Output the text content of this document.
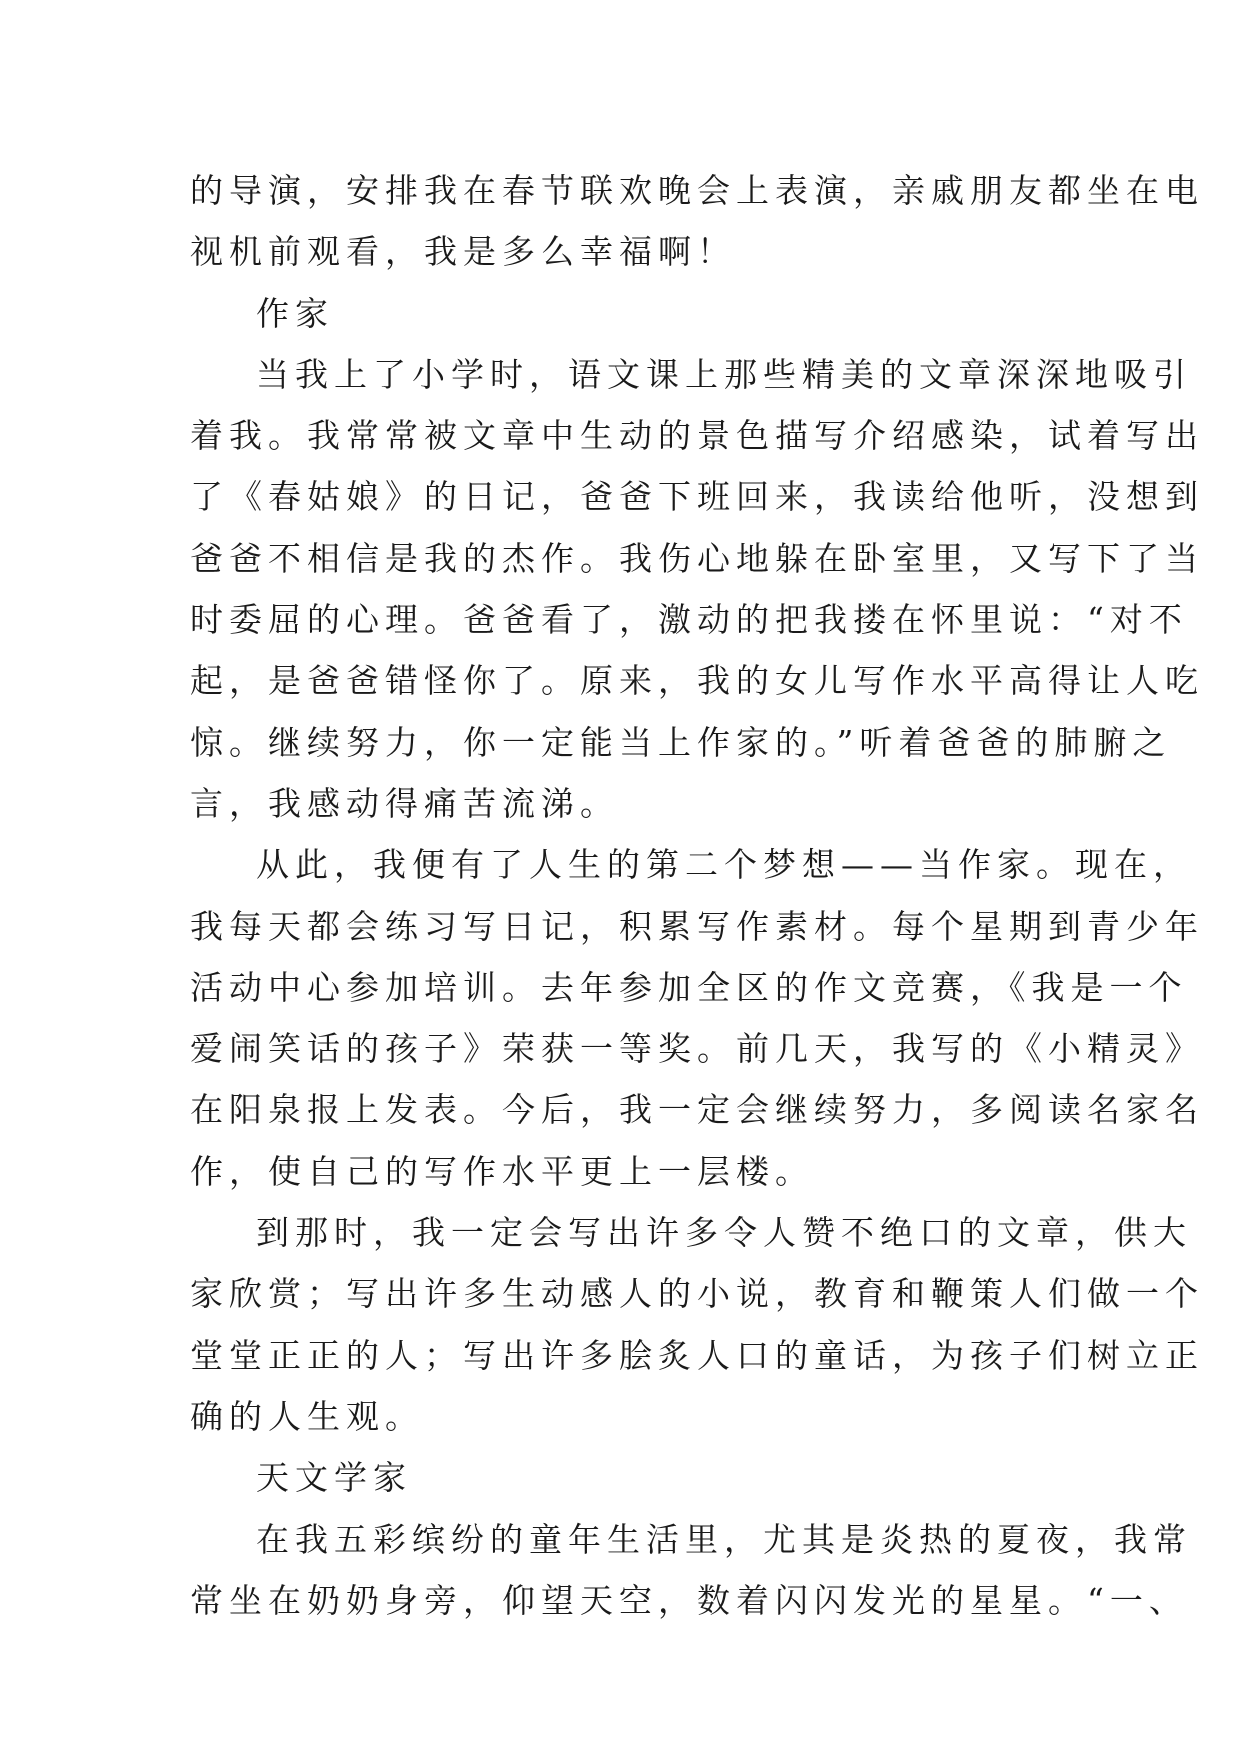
的导演，安排我在春节联欢晚会上表演，亲戚朋友都坐在电
视机前观看，我是多么幸福啊！
作家
当我上了小学时，语文课上那些精美的文章深深地吸引
着我。我常常被文章中生动的景色描写介绍感染，试着写出
了《春姑娘》的日记，爸爸下班回来，我读给他听，没想到
爸爸不相信是我的杰作。我伤心地躲在卧室里，又写下了当
时委屈的心理。爸爸看了，激动的把我搂在怀里说：“对不
起，是爸爸错怪你了。原来，我的女儿写作水平高得让人吃
惊。继续努力，你一定能当上作家的。”听着爸爸的肺腑之
言，我感动得痛苦流涕。
从此，我便有了人生的第二个梦想——当作家。现在，
我每天都会练习写日记，积累写作素材。每个星期到青少年
活动中心参加培训。去年参加全区的作文竞赛，《我是一个
爱闹笑话的孩子》荣获一等奖。前几天，我写的《小精灵》
在阳泉报上发表。今后，我一定会继续努力，多阅读名家名
作，使自己的写作水平更上一层楼。
到那时，我一定会写出许多令人赞不绝口的文章，供大
家欣赏；写出许多生动感人的小说，教育和鞭策人们做一个
堂堂正正的人；写出许多脍炙人口的童话，为孩子们树立正
确的人生观。
天文学家
在我五彩缤纷的童年生活里，尤其是炎热的夏夜，我常
常坐在奶奶身旁，仰望天空，数着闪闪发光的星星。“一、
